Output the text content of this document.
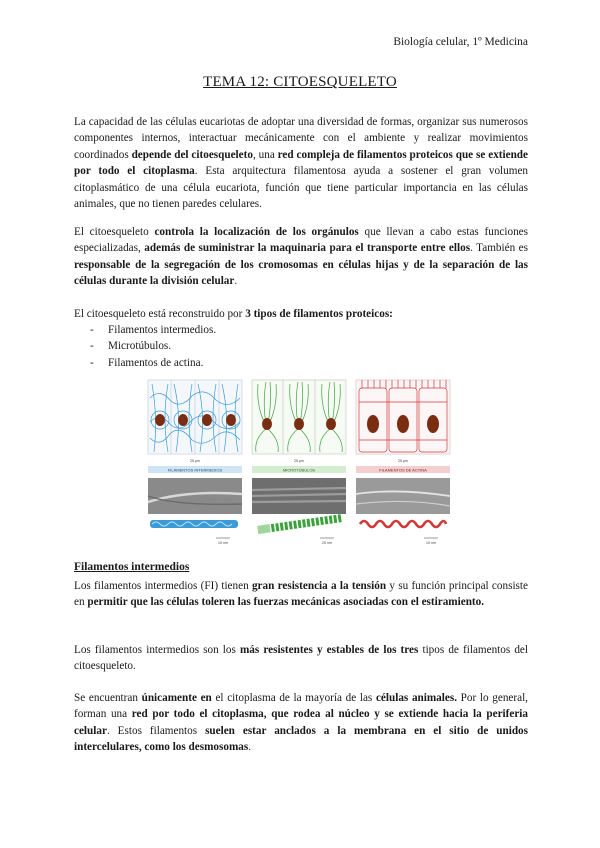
Biología celular, 1º Medicina
TEMA 12: CITOESQUELETO

La capacidad de las células eucariotas de adoptar una diversidad de formas, organizar sus numerosos componentes internos, interactuar mecánicamente con el ambiente y realizar movimientos coordinados depende del citoesqueleto, una red compleja de filamentos proteicos que se extiende por todo el citoplasma. Esta arquitectura filamentosa ayuda a sostener el gran volumen citoplasmático de una célula eucariota, función que tiene particular importancia en las células animales, que no tienen paredes celulares.

El citoesqueleto controla la localización de los orgánulos que llevan a cabo estas funciones especializadas, además de suministrar la maquinaria para el transporte entre ellos. También es responsable de la segregación de los cromosomas en células hijas y de la separación de las células durante la división celular.

El citoesqueleto está reconstruido por 3 tipos de filamentos proteicos:

- Filamentos intermedios.
- Microtúbulos.
- Filamentos de actina.
25 μm	25 μm	25 μm
FILAMENTOS INTERMEDIOS	MICROTÚBULOS	FILAMENTOS DE ACTINA
10 nm	25 nm	10 nm
Filamentos intermedios

Los filamentos intermedios (FI) tienen gran resistencia a la tensión y su función principal consiste en permitir que las células toleren las fuerzas mecánicas asociadas con el estiramiento.

Los filamentos intermedios son los más resistentes y estables de los tres tipos de filamentos del citoesqueleto.

Se encuentran únicamente en el citoplasma de la mayoría de las células animales. Por lo general, forman una red por todo el citoplasma, que rodea al núcleo y se extiende hacia la periferia celular. Estos filamentos suelen estar anclados a la membrana en el sitio de unidos intercelulares, como los desmosomas.
